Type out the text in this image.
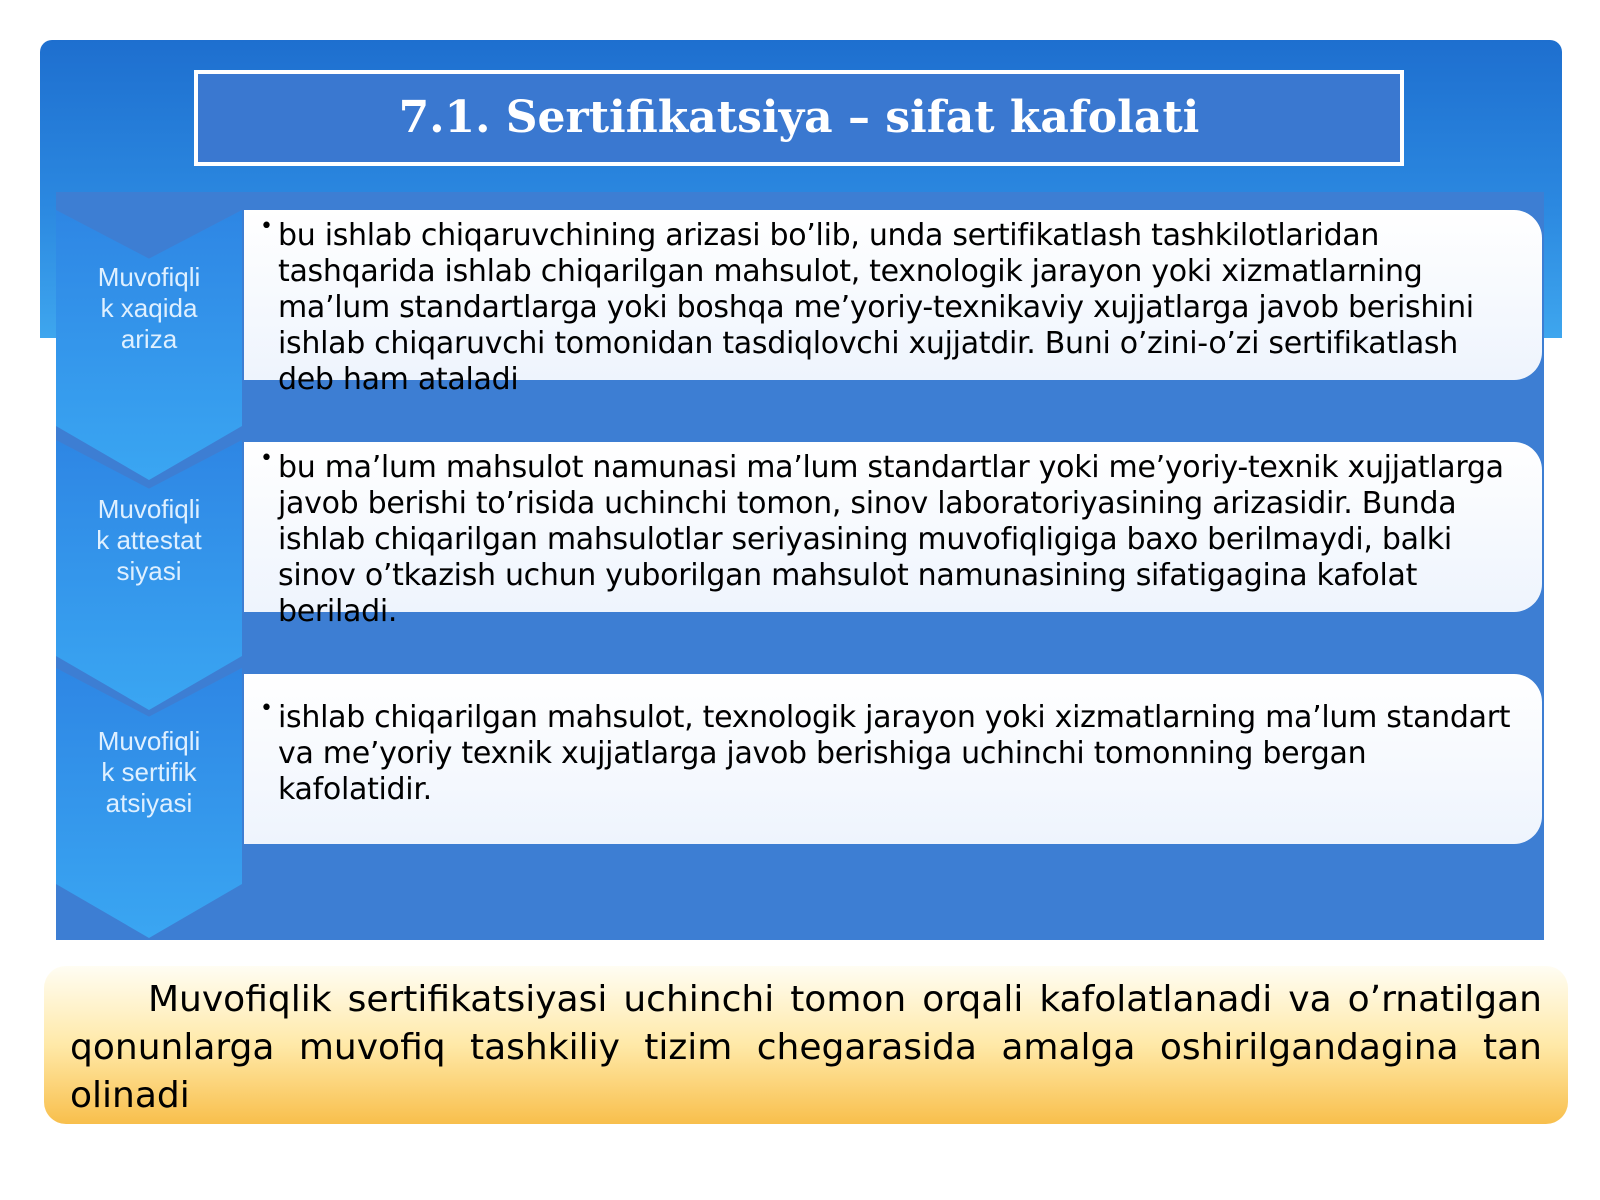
7.1. Sertifikatsiya – sifat kafolati
Muvofiqlik xaqida ariza
• bu ishlab chiqaruvchining arizasi bo’lib, unda sertifikatlash tashkilotlaridan tashqarida ishlab chiqarilgan mahsulot, texnologik jarayon yoki xizmatlarning ma’lum standartlarga yoki boshqa me’yoriy-texnikaviy xujjatlarga javob berishini ishlab chiqaruvchi tomonidan tasdiqlovchi xujjatdir. Buni o’zini-o’zi sertifikatlash deb ham ataladi
Muvofiqlik attestatsiyasi
• bu ma’lum mahsulot namunasi ma’lum standartlar yoki me’yoriy-texnik xujjatlarga javob berishi to’risida uchinchi tomon, sinov laboratoriyasining arizasidir. Bunda ishlab chiqarilgan mahsulotlar seriyasining muvofiqligiga baxo berilmaydi, balki sinov o’tkazish uchun yuborilgan mahsulot namunasining sifatigagina kafolat beriladi.
Muvofiqlik sertifikatsiyasi
• ishlab chiqarilgan mahsulot, texnologik jarayon yoki xizmatlarning ma’lum standart va me’yoriy texnik xujjatlarga javob berishiga uchinchi tomonning bergan kafolatidir.

Muvofiqlik sertifikatsiyasi uchinchi tomon orqali kafolatlanadi va o’rnatilgan qonunlarga muvofiq tashkiliy tizim chegarasida amalga oshirilgandagina tan olinadi
